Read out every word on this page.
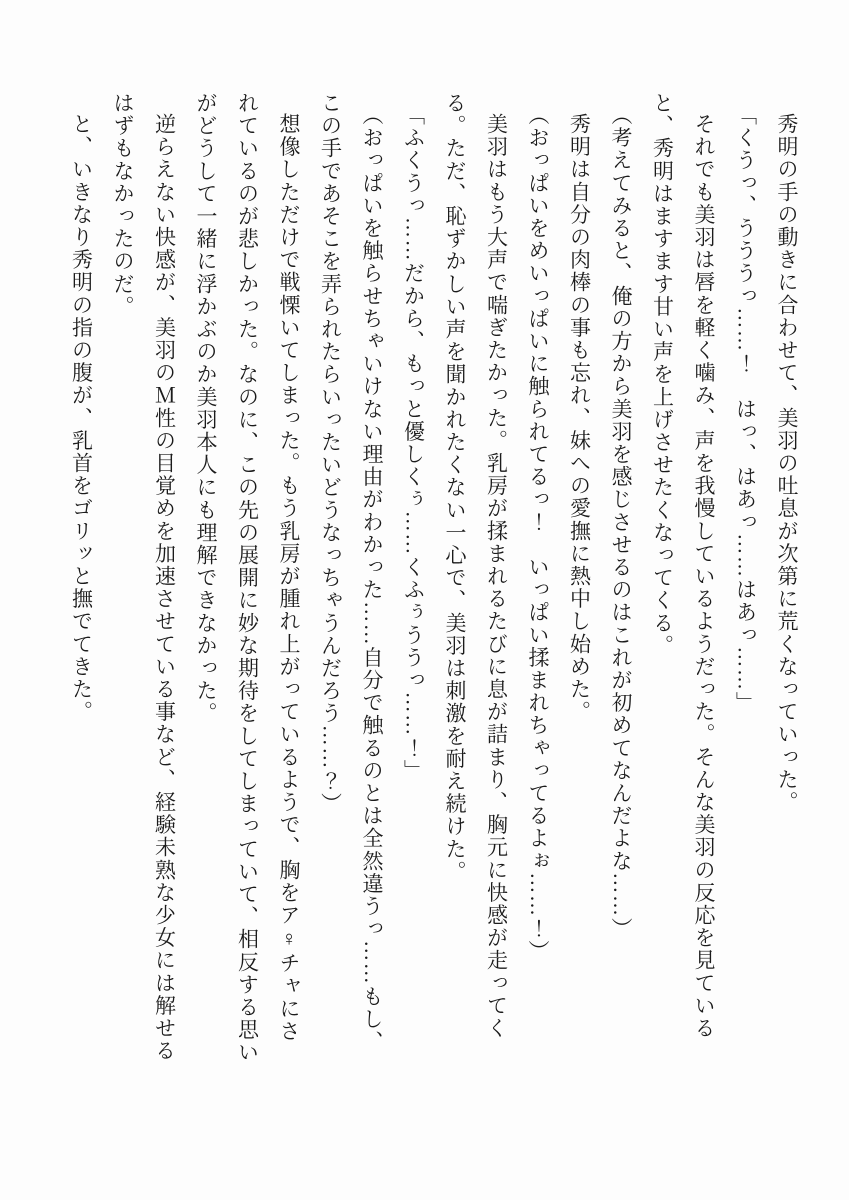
秀明の手の動きに合わせて、美羽の吐息が次第に荒くなっていった。

「くうっ、うううっ……！　はっ、はあっ……はあっ……」

それでも美羽は唇を軽く噛み、声を我慢しているようだった。そんな美羽の反応を見ていると、秀明はますます甘い声を上げさせたくなってくる。

（考えてみると、俺の方から美羽を感じさせるのはこれが初めてなんだよな……）

秀明は自分の肉棒の事も忘れ、妹への愛撫に熱中し始めた。

（おっぱいをめいっぱいに触られてるっ！　いっぱい揉まれちゃってるよぉ……！）

美羽はもう大声で喘ぎたかった。乳房が揉まれるたびに息が詰まり、胸元に快感が走ってくる。ただ、恥ずかしい声を聞かれたくない一心で、美羽は刺激を耐え続けた。

「ふくうっ……だから、もっと優しくぅ……くふぅううっ……！」

（おっぱいを触らせちゃいけない理由がわかった……自分で触るのとは全然違うっ……もし、この手であそこを弄られたらいったいどうなっちゃうんだろう……？）

想像しただけで戦慄いてしまった。もう乳房が腫れ上がっているようで、胸をア♀チャにされているのが悲しかった。なのに、この先の展開に妙な期待をしてしまっていて、相反する思いがどうして一緒に浮かぶのか美羽本人にも理解できなかった。

逆らえない快感が、美羽のＭ性の目覚めを加速させている事など、経験未熟な少女には解せるはずもなかったのだ。

と、いきなり秀明の指の腹が、乳首をゴリッと撫でてきた。
